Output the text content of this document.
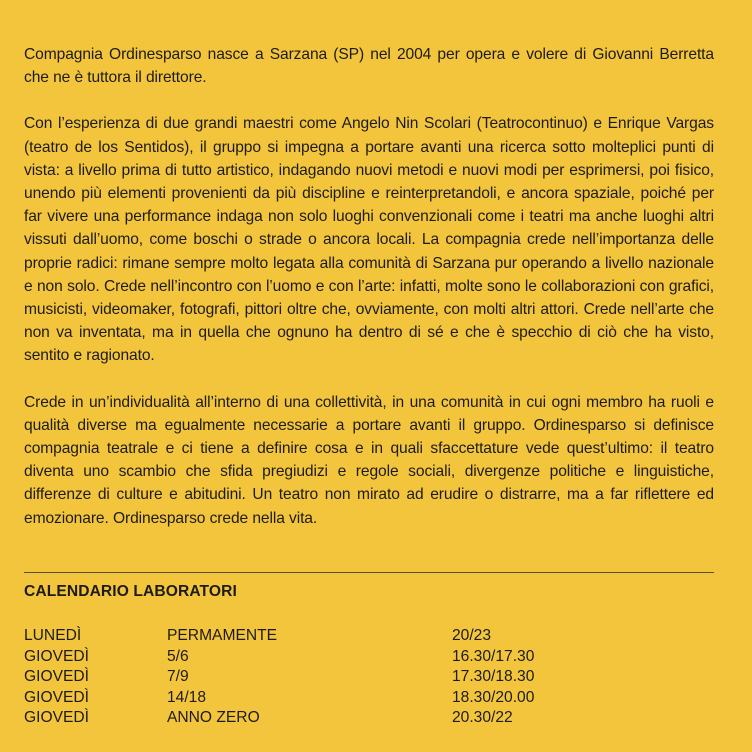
Compagnia Ordinesparso nasce a Sarzana (SP) nel 2004 per opera e volere di Giovanni Berretta che ne è tuttora il direttore.

Con l’esperienza di due grandi maestri come Angelo Nin Scolari (Teatrocontinuo) e Enrique Vargas (teatro de los Sentidos), il gruppo si impegna a portare avanti una ricerca sotto molteplici punti di vista: a livello prima di tutto artistico, indagando nuovi metodi e nuovi modi per esprimersi, poi fisico, unendo più elementi provenienti da più discipline e reinterpretandoli, e ancora spaziale, poiché per far vivere una performance indaga non solo luoghi convenzionali come i teatri ma anche luoghi altri vissuti dall’uomo, come boschi o strade o ancora locali. La compagnia crede nell’importanza delle proprie radici: rimane sempre molto legata alla comunità di Sarzana pur operando a livello nazionale e non solo. Crede nell’incontro con l’uomo e con l’arte: infatti, molte sono le collaborazioni con grafici, musicisti, videomaker, fotografi, pittori oltre che, ovviamente, con molti altri attori. Crede nell’arte che non va inventata, ma in quella che ognuno ha dentro di sé e che è specchio di ciò che ha visto, sentito e ragionato.

Crede in un’individualità all’interno di una collettività, in una comunità in cui ogni membro ha ruoli e qualità diverse ma egualmente necessarie a portare avanti il gruppo. Ordinesparso si definisce compagnia teatrale e ci tiene a definire cosa e in quali sfaccettature vede quest’ultimo: il teatro diventa uno scambio che sfida pregiudizi e regole sociali, divergenze politiche e linguistiche, differenze di culture e abitudini. Un teatro non mirato ad erudire o distrarre, ma a far riflettere ed emozionare. Ordinesparso crede nella vita.

CALENDARIO LABORATORI
LUNEDÌ	PERMAMENTE	20/23
GIOVEDÌ	5/6	16.30/17.30
GIOVEDÌ	7/9	17.30/18.30
GIOVEDÌ	14/18	18.30/20.00
GIOVEDÌ	ANNO ZERO	20.30/22
